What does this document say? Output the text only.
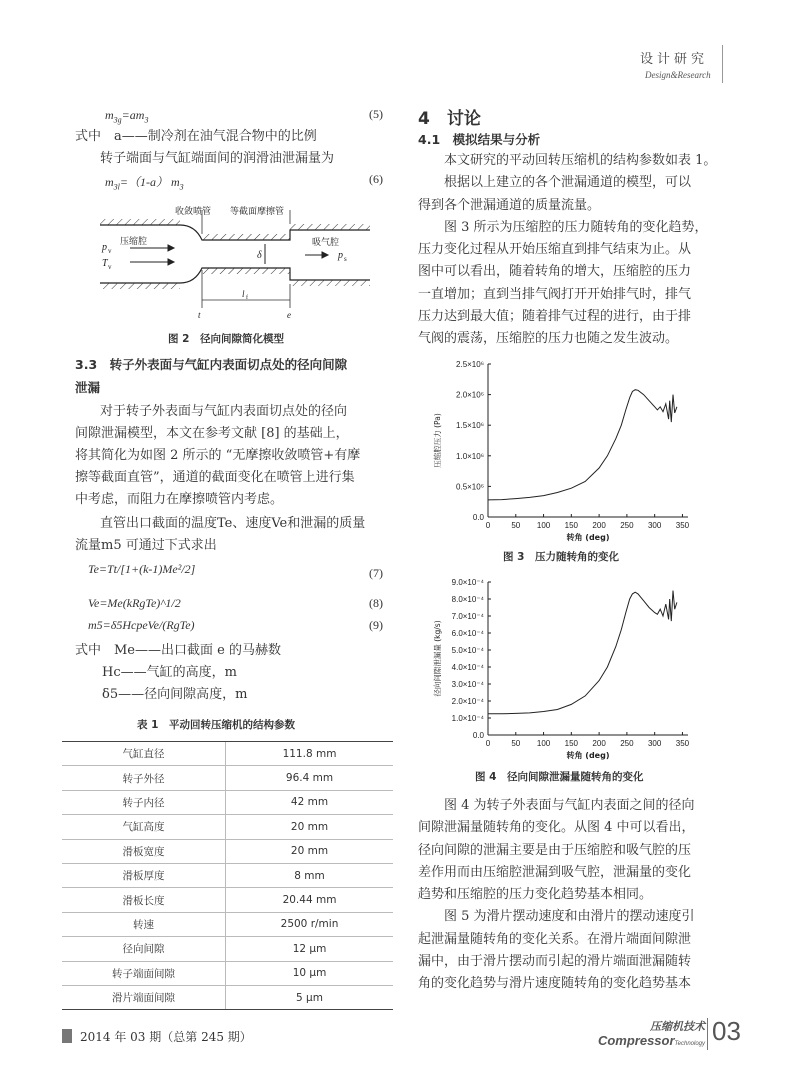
设计研究
Design&Research
$m_{3g}=am_3$	(5)
式中　a——制冷剂在油气混合物中的比例
转子端面与气缸端面间的润滑油泄漏量为
$m_{3l}=(1-a)$ $m_3$
(6)
收敛喷管 等截面摩擦管
压缩腔	吸气腔
δ
p v
T v
p s
t	e
l f
图 2　径向间隙简化模型
3.3　转子外表面与气缸内表面切点处的径向间隙
泄漏
对于转子外表面与气缸内表面切点处的径向
间隙泄漏模型，本文在参考文献 [8] 的基础上，
将其简化为如图 2 所示的 “无摩擦收敛喷管+有摩
擦等截面直管”，通道的截面变化在喷管上进行集
中考虑，而阻力在摩擦喷管内考虑。
直管出口截面的温度Te、速度Ve和泄漏的质量
流量m5 可通过下式求出
Te=Tt/[1+(k-1)Me²/2]	(7)
Ve=Me(kRgTe)^1/2	(8)
m5=δ5HcpeVe/(RgTe)	(9)
式中　Me——出口截面 e 的马赫数
Hc——气缸的高度，m
δ5——径向间隙高度，m
表 1　平动回转压缩机的结构参数
气缸直径	111.8 mm
转子外径	96.4 mm
转子内径	42 mm
气缸高度	20 mm
滑板宽度	20 mm
滑板厚度	8 mm
滑板长度	20.44 mm
转速	2500 r/min
径向间隙	12 μm
转子端面间隙	10 μm
滑片端面间隙	5 μm
4　讨论
4.1　模拟结果与分析
本文研究的平动回转压缩机的结构参数如表 1。
根据以上建立的各个泄漏通道的模型，可以
得到各个泄漏通道的质量流量。
图 3 所示为压缩腔的压力随转角的变化趋势，
压力变化过程从开始压缩直到排气结束为止。从
图中可以看出，随着转角的增大，压缩腔的压力
一直增加；直到当排气阀打开开始排气时，排气
压力达到最大值；随着排气过程的进行，由于排
气阀的震荡，压缩腔的压力也随之发生波动。
0.0
0.5×10⁶
1.0×10⁶
1.5×10⁶
2.0×10⁶
2.5×10⁶
0	50 100 150 200 250 300 350
转角 (deg)
压缩腔压力 (Pa)
图 3　压力随转角的变化
0.0
1.0×10⁻⁴
2.0×10⁻⁴
3.0×10⁻⁴
4.0×10⁻⁴
5.0×10⁻⁴
6.0×10⁻⁴
7.0×10⁻⁴
8.0×10⁻⁴
9.0×10⁻⁴
0	50 100 150 200 250 300 350
转角 (deg)
径向间隙泄漏量 (kg/s)
图 4　径向间隙泄漏量随转角的变化
图 4 为转子外表面与气缸内表面之间的径向
间隙泄漏量随转角的变化。从图 4 中可以看出，
径向间隙的泄漏主要是由于压缩腔和吸气腔的压
差作用而由压缩腔泄漏到吸气腔，泄漏量的变化
趋势和压缩腔的压力变化趋势基本相同。
图 5 为滑片摆动速度和由滑片的摆动速度引
起泄漏量随转角的变化关系。在滑片端面间隙泄
漏中，由于滑片摆动而引起的滑片端面泄漏随转
角的变化趋势与滑片速度随转角的变化趋势基本
2014 年 03 期（总第 245 期）
压缩机技术
CompressorTechnology 03
